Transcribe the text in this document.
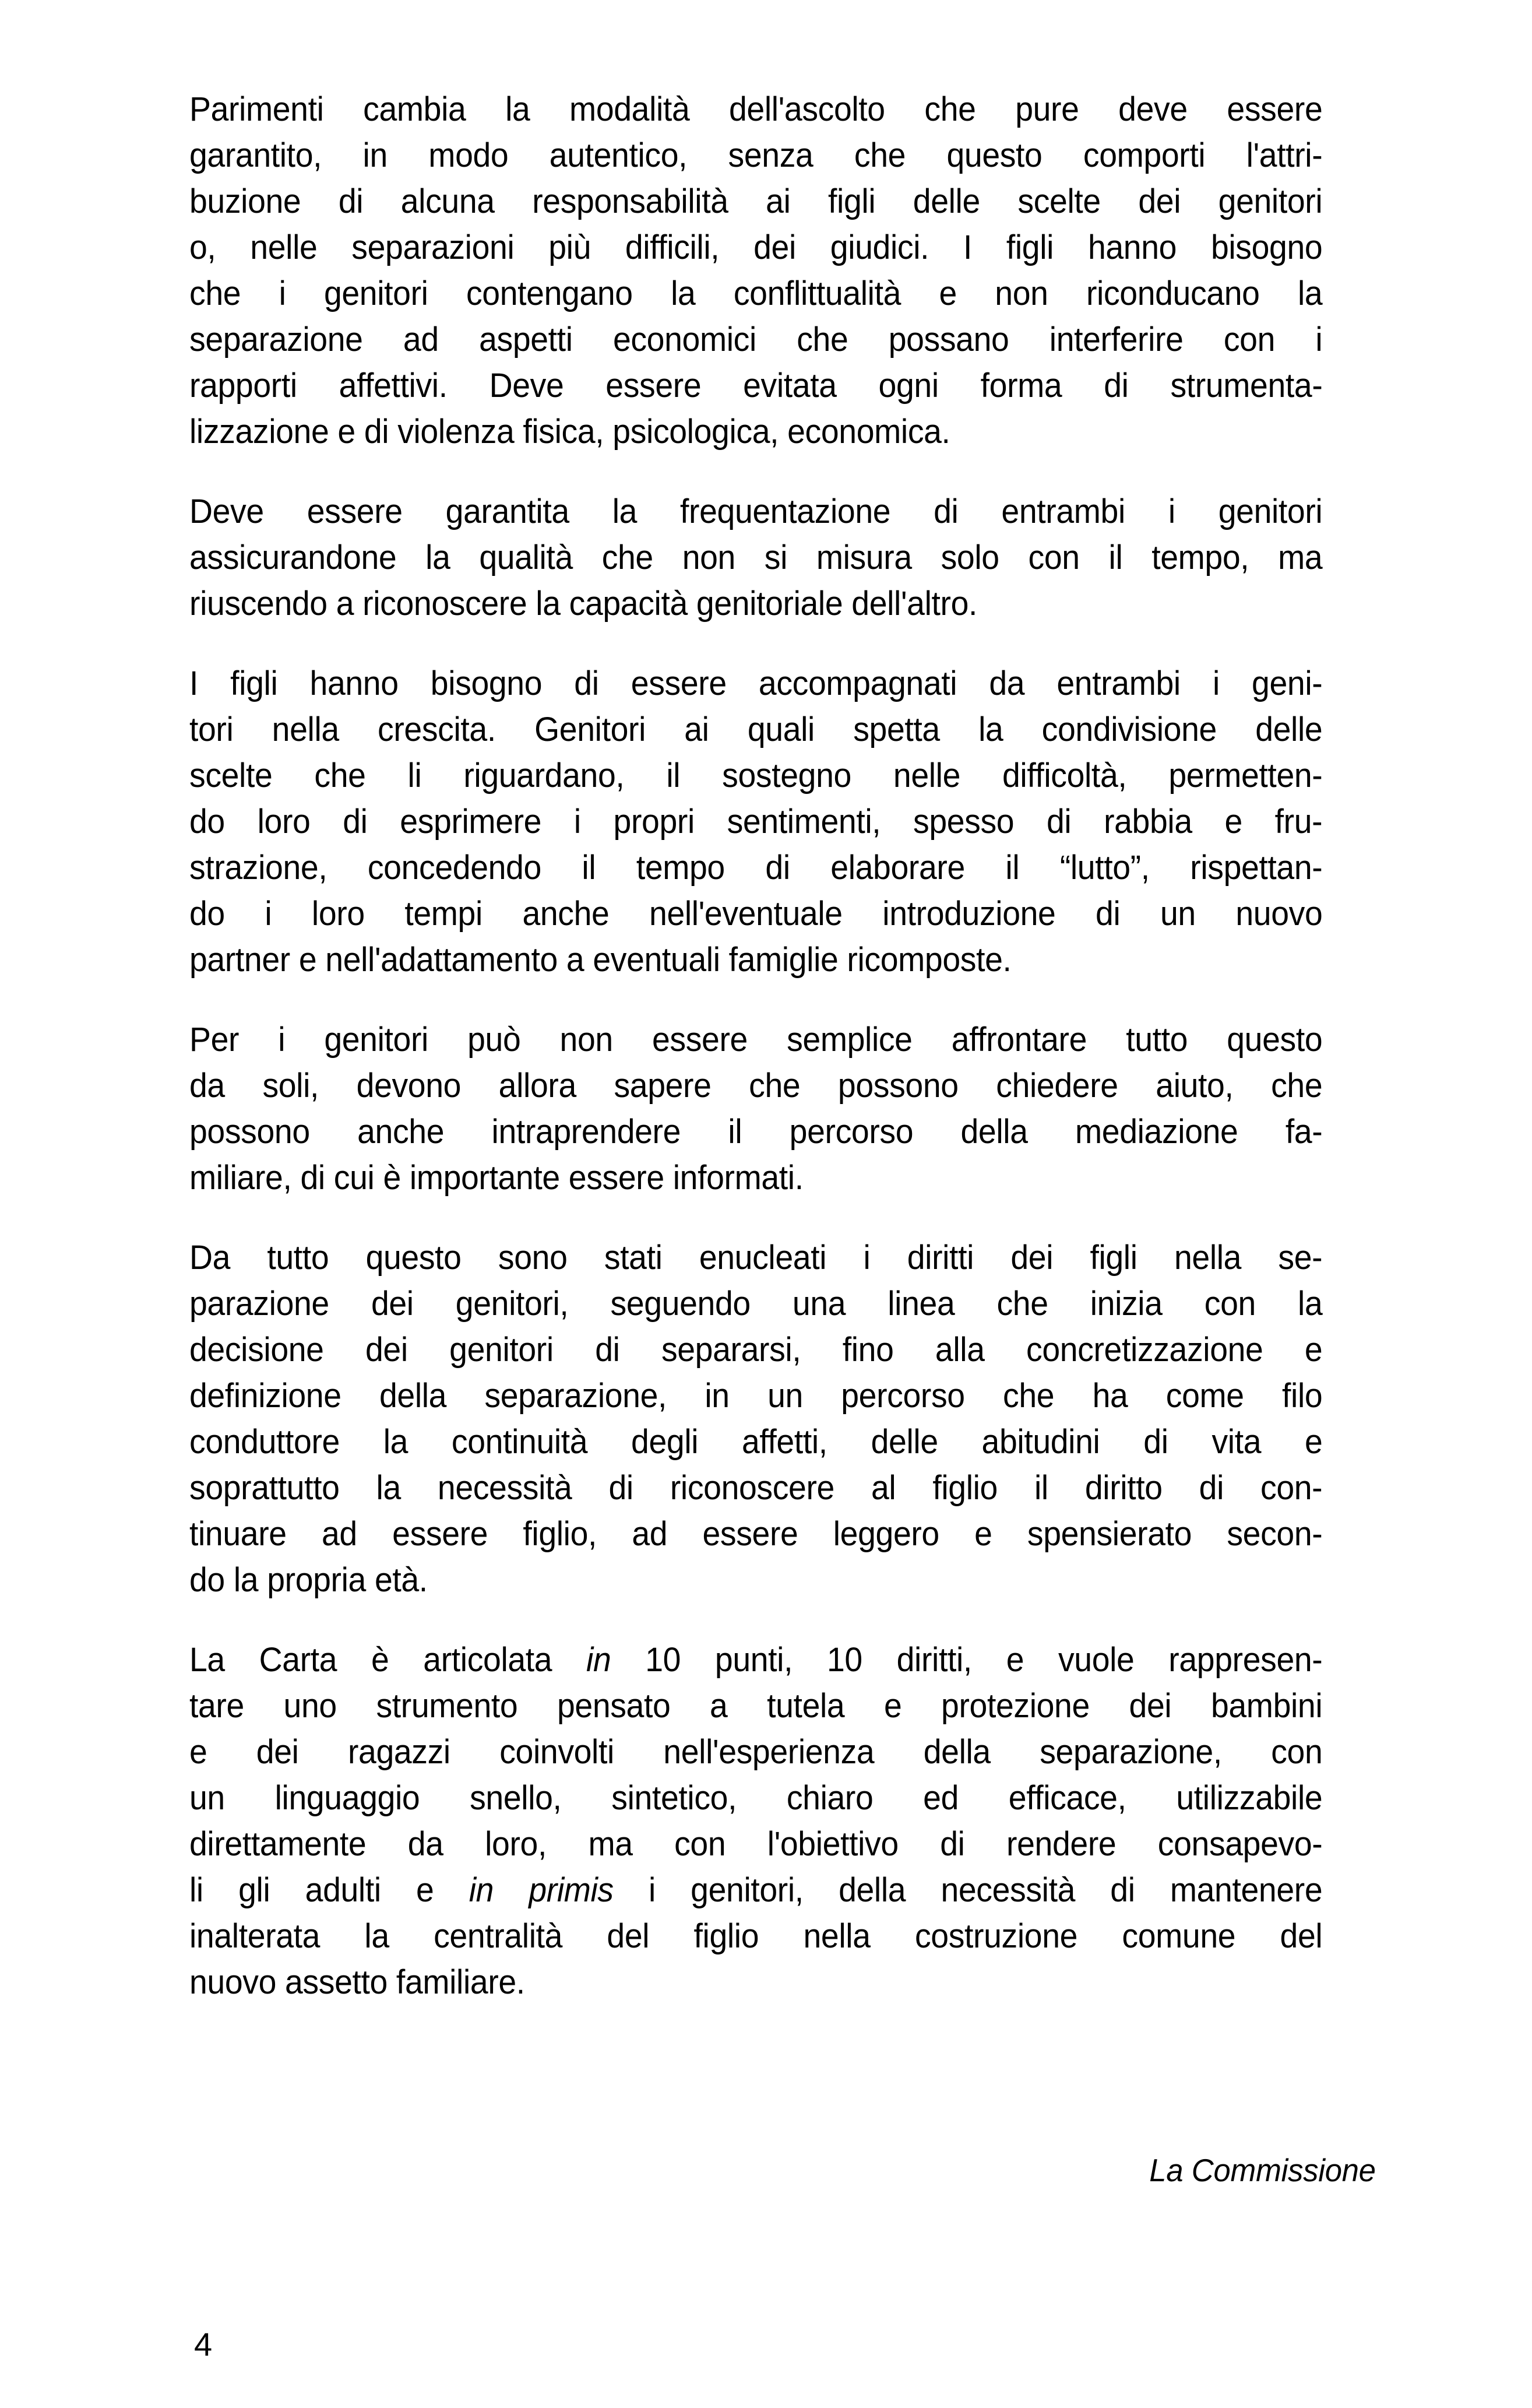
Parimenti cambia la modalità dell'ascolto che pure deve essere
garantito, in modo autentico, senza che questo comporti l'attri-
buzione di alcuna responsabilità ai figli delle scelte dei genitori
o, nelle separazioni più difficili, dei giudici. I figli hanno bisogno
che i genitori contengano la conflittualità e non riconducano la
separazione ad aspetti economici che possano interferire con i
rapporti affettivi. Deve essere evitata ogni forma di strumenta-
lizzazione e di violenza fisica, psicologica, economica.

Deve essere garantita la frequentazione di entrambi i genitori
assicurandone la qualità che non si misura solo con il tempo, ma
riuscendo a riconoscere la capacità genitoriale dell'altro.

I figli hanno bisogno di essere accompagnati da entrambi i geni-
tori nella crescita. Genitori ai quali spetta la condivisione delle
scelte che li riguardano, il sostegno nelle difficoltà, permetten-
do loro di esprimere i propri sentimenti, spesso di rabbia e fru-
strazione, concedendo il tempo di elaborare il “lutto”, rispettan-
do i loro tempi anche nell'eventuale introduzione di un nuovo
partner e nell'adattamento a eventuali famiglie ricomposte.

Per i genitori può non essere semplice affrontare tutto questo
da soli, devono allora sapere che possono chiedere aiuto, che
possono anche intraprendere il percorso della mediazione fa-
miliare, di cui è importante essere informati.

Da tutto questo sono stati enucleati i diritti dei figli nella se-
parazione dei genitori, seguendo una linea che inizia con la
decisione dei genitori di separarsi, fino alla concretizzazione e
definizione della separazione, in un percorso che ha come filo
conduttore la continuità degli affetti, delle abitudini di vita e
soprattutto la necessità di riconoscere al figlio il diritto di con-
tinuare ad essere figlio, ad essere leggero e spensierato secon-
do la propria età.

La Carta è articolata in 10 punti, 10 diritti, e vuole rappresen-
tare uno strumento pensato a tutela e protezione dei bambini
e dei ragazzi coinvolti nell'esperienza della separazione, con
un linguaggio snello, sintetico, chiaro ed efficace, utilizzabile
direttamente da loro, ma con l'obiettivo di rendere consapevo-
li gli adulti e in primis i genitori, della necessità di mantenere
inalterata la centralità del figlio nella costruzione comune del
nuovo assetto familiare.

La Commissione
4
